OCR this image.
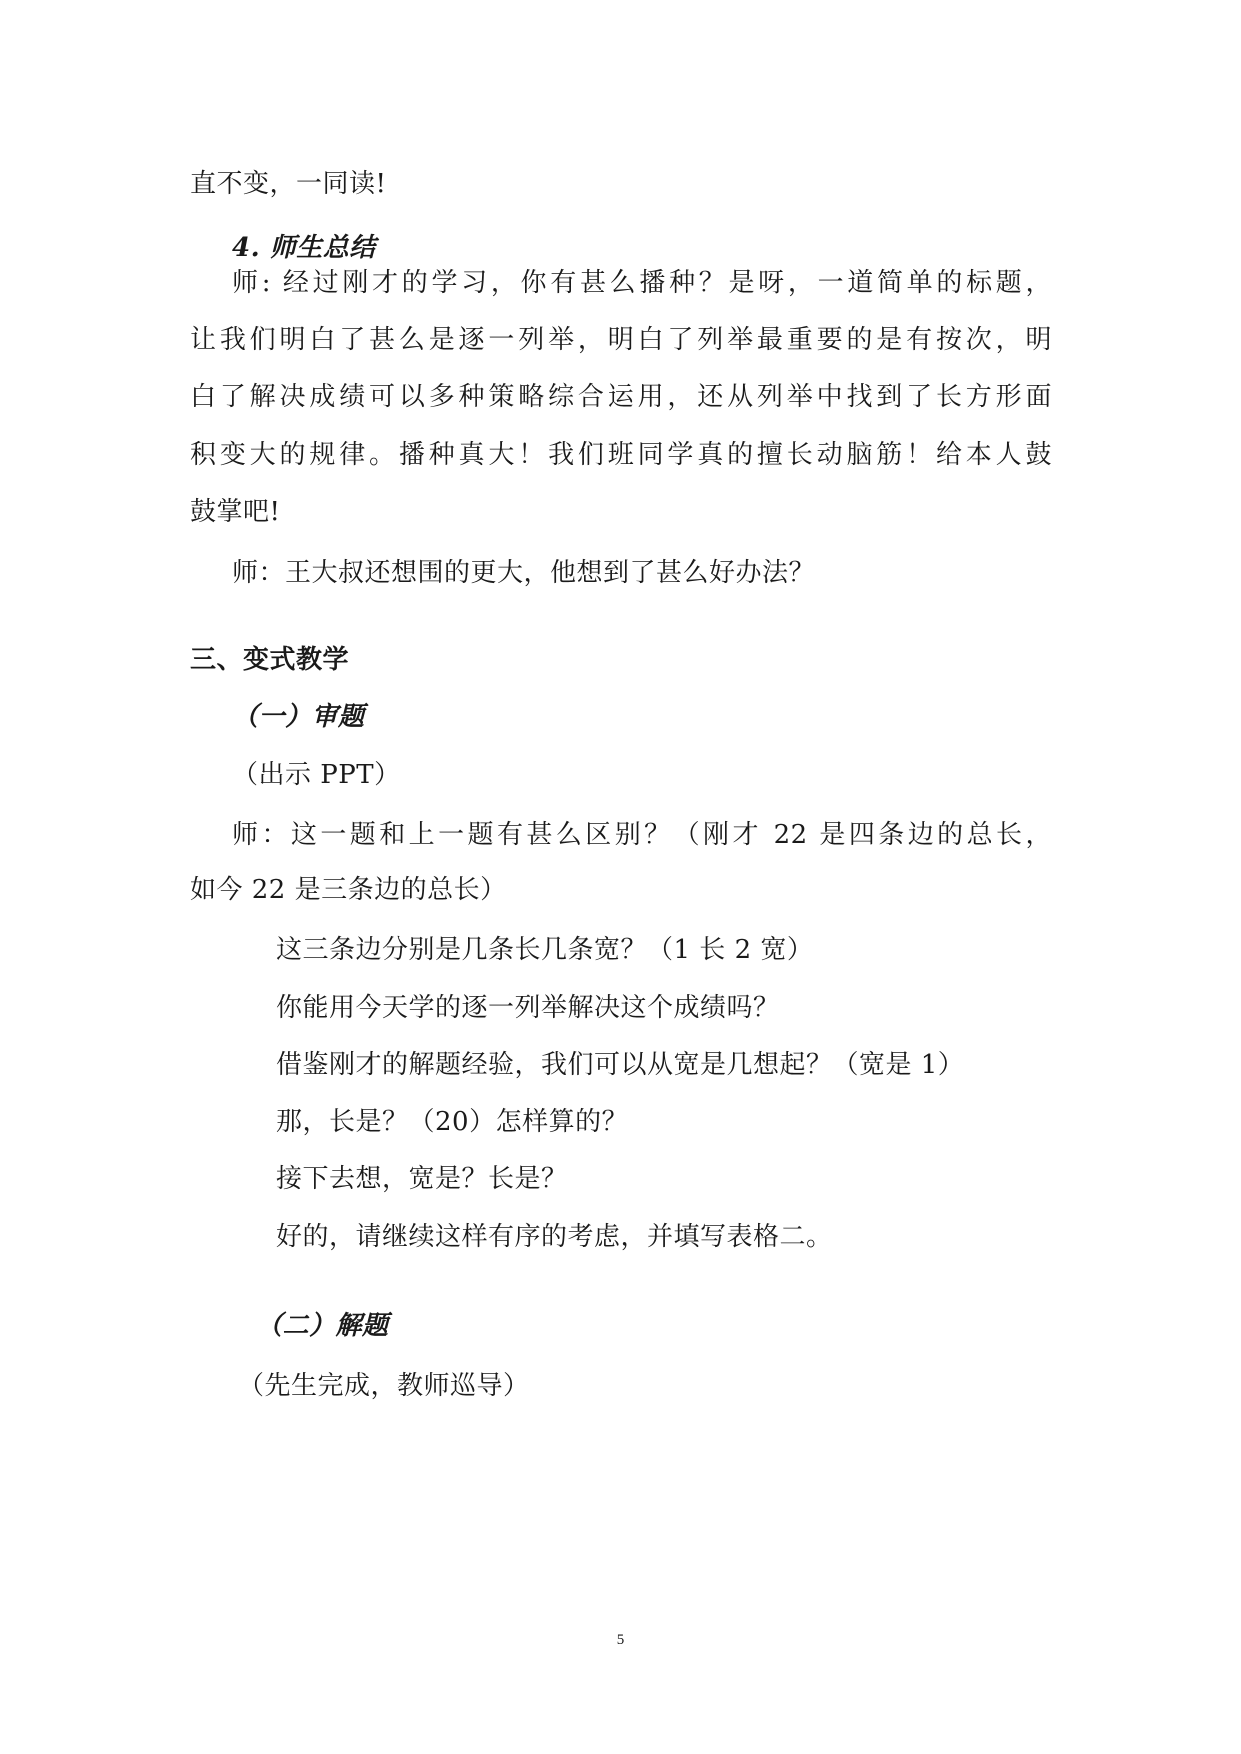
直不变，一同读!
4. 师生总结
师: 经过刚才的学习，你有甚么播种？是呀，一道简单的标题，
让我们明白了甚么是逐一列举，明白了列举最重要的是有按次，明
白了解决成绩可以多种策略综合运用，还从列举中找到了长方形面
积变大的规律。播种真大！我们班同学真的擅长动脑筋！给本人鼓
鼓掌吧!
师：王大叔还想围的更大，他想到了甚么好办法？
三、变式教学
（一）审题
（出示 PPT）
师：这一题和上一题有甚么区别？（刚才 22 是四条边的总长，
如今 22 是三条边的总长）
这三条边分别是几条长几条宽？（1 长 2 宽）
你能用今天学的逐一列举解决这个成绩吗？
借鉴刚才的解题经验，我们可以从宽是几想起？（宽是 1）
那，长是？（20）怎样算的？
接下去想，宽是？长是？
好的，请继续这样有序的考虑，并填写表格二。
（二）解题
（先生完成，教师巡导）
5
